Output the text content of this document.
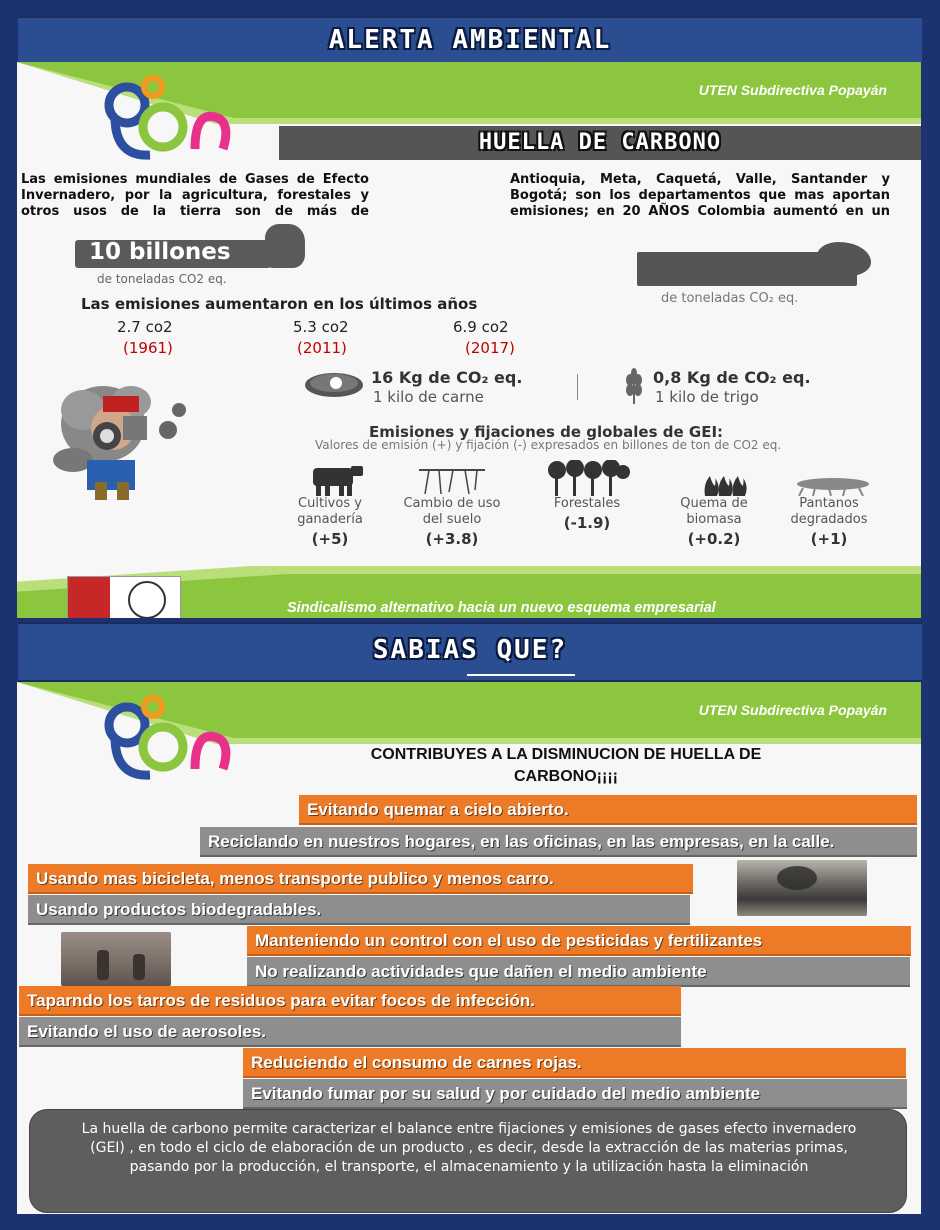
ALERTA AMBIENTAL
UTEN Subdirectiva Popayán
HUELLA DE CARBONO
Las emisiones mundiales de Gases de Efecto Invernadero, por la agricultura, forestales y otros usos de la tierra son de más de
10 billones
de toneladas CO2 eq.
Antioquia, Meta, Caquetá, Valle, Santander y Bogotá; son los departamentos que mas aportan emisiones; en 20 AÑOS Colombia aumentó en un
de toneladas CO₂ eq.
Las emisiones aumentaron en los últimos años
2.7 co2	5.3 co2	6.9 co2
(1961)	(2011)	(2017)
16 Kg de CO₂ eq.
1 kilo de carne
0,8 Kg de CO₂ eq.
1 kilo de trigo
Emisiones y fijaciones de globales de GEI:
Valores de emisión (+) y fijación (-) expresados en billones de ton de CO2 eq.
Cultivos y ganadería
(+5)
Cambio de uso del suelo
(+3.8)
Forestales
(-1.9)
Quema de biomasa
(+0.2)
Pantanos degradados
(+1)
Sindicalismo alternativo hacia un nuevo esquema empresarial
SABIAS QUE?
UTEN Subdirectiva Popayán
CONTRIBUYES A LA DISMINUCION DE HUELLA DE CARBONO¡¡¡¡
Evitando quemar a cielo abierto.
Reciclando en nuestros hogares, en las oficinas, en las empresas, en la calle.
Usando mas bicicleta, menos transporte publico y menos carro.
Usando productos biodegradables.
Manteniendo un control con el uso de pesticidas y fertilizantes
No realizando actividades que dañen el medio ambiente
Taparndo los tarros de residuos para evitar focos de infección.
Evitando el uso de aerosoles.
Reduciendo el consumo de carnes rojas.
Evitando fumar por su salud y por cuidado del medio ambiente
La huella de carbono permite caracterizar el balance entre fijaciones y emisiones de gases efecto invernadero (GEI) , en todo el ciclo de elaboración de un producto , es decir, desde la extracción de las materias primas, pasando por la producción, el transporte, el almacenamiento y la utilización hasta la eliminación
